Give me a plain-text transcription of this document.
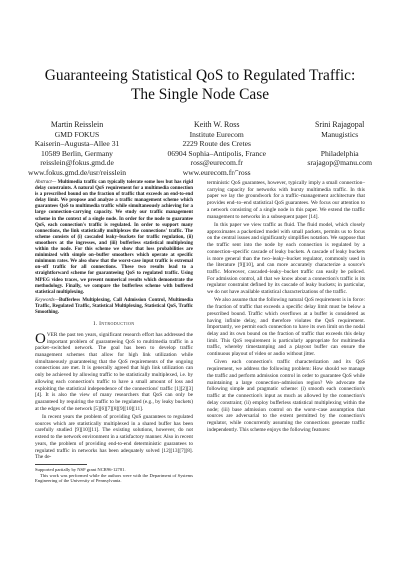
Guaranteeing Statistical QoS to Regulated Traffic:
The Single Node Case
Martin Reisslein
GMD FOKUS
Kaiserin–Augusta–Allee 31
10589 Berlin, Germany
reisslein@fokus.gmd.de
www.fokus.gmd.de/usr/reisslein
Keith W. Ross
Institute Eurecom
2229 Route des Cretes
06904 Sophia–Antipolis, France
ross@eurecom.fr
www.eurecom.fr/˜ross
Srini Rajagopal
Manugistics

Philadelphia
srajagop@manu.com
Abstract— Multimedia traffic can typically tolerate some loss but has rigid delay constraints. A natural QoS requirement for a multimedia connection is a prescribed bound on the fraction of traffic that exceeds an end-to-end delay limit. We propose and analyze a traffic management scheme which guarantees QoS to multimedia traffic while simultaneously achieving for a large connection-carrying capacity. We study our traffic management scheme in the context of a single node. In order for the node to guarantee QoS, each connection's traffic is regulated. In order to support many connections, the link statistically multiplexes the connections' traffic. The scheme consists of (i) cascaded leaky–buckets for traffic regulation, (ii) smoothers at the ingresses, and (iii) bufferless statistical multiplexing within the node. For this scheme we show that loss probabilities are minimized with simple on–buffer smoothers which operate at specific minimum rates. We also show that the worst-case input traffic is extremal on–off traffic for all connections. These two results lead to a straightforward scheme for guaranteeing QoS to regulated traffic. Using MPEG video traces, we present numerical results which demonstrate the methodology. Finally, we compare the bufferless scheme with buffered statistical multiplexing.
Keywords—Bufferless Multiplexing, Call Admission Control, Multimedia Traffic, Regulated Traffic, Statistical Multiplexing, Statistical QoS, Traffic Smoothing.
I. Introduction

OVER the past ten years, significant research effort has addressed the important problem of guaranteeing QoS to multimedia traffic in a packet–switched network. The goal has been to develop traffic management schemes that allow for high link utilization while simultaneously guaranteeing that the QoS requirements of the ongoing connections are met. It is generally agreed that high link utilization can only be achieved by allowing traffic to be statistically multiplexed, i.e. by allowing each connection's traffic to have a small amount of loss and exploiting the statistical independence of the connections' traffic [1][2][3][4]. It is also the view of many researchers that QoS can only be guaranteed by requiring the traffic to be regulated (e.g., by leaky buckets) at the edges of the network [5][6][7][8][9][10][11].

In recent years the problem of providing QoS guarantees to regulated sources which are statistically multiplexed in a shared buffer has been carefully studied [9][10][11]. The existing solutions, however, do not extend to the network environment in a satisfactory manner. Also in recent years, the problem of providing end-to-end deterministic guarantees to regulated traffic in networks has been adequately solved [12][13][7][8]. The de-

Supported partially by NSF grant NCR96-12781.

This work was performed while the authors were with the Department of Systems Engineering of the University of Pennsylvania.

terministic QoS guarantees, however, typically imply a small connection–carrying capacity for networks with bursty multimedia traffic. In this paper we lay the groundwork for a traffic–management architecture that provides end–to–end statistical QoS guarantees. We focus our attention to a network consisting of a single node in this paper. We extend the traffic management to networks in a subsequent paper [14].

In this paper we view traffic as fluid. The fluid model, which closely approximates a packetized model with small packets, permits us to focus on the central issues and significantly simplifies notation. We suppose that the traffic sent into the node by each connection is regulated by a connection–specific cascade of leaky buckets. A cascade of leaky buckets is more general than the two–leaky–bucket regulator, commonly used in the literature [9][10], and can more accurately characterize a source's traffic. Moreover, cascaded–leaky–bucket traffic can easily be policed. For admission control, all that we know about a connection's traffic is its regulator constraint defined by its cascade of leaky buckets; in particular, we do not have available statistical characterizations of the traffic.

We also assume that the following natural QoS requirement is in force: the fraction of traffic that exceeds a specific delay limit must be below a prescribed bound. Traffic which overflows at a buffer is considered as having infinite delay, and therefore violates the QoS requirement. Importantly, we permit each connection to have its own limit on the nodal delay and its own bound on the fraction of traffic that exceeds this delay limit. This QoS requirement is particularly appropriate for multimedia traffic, whereby timestamping and a playout buffer can ensure the continuous playout of video or audio without jitter.

Given each connection's traffic characterization and its QoS requirement, we address the following problem: How should we manage the traffic and perform admission control in order to guarantee QoS while maintaining a large connection–admission region? We advocate the following simple and pragmatic scheme: (i) smooth each connection's traffic at the connection's input as much as allowed by the connection's delay constraint; (ii) employ bufferless statistical multiplexing within the node; (iii) base admission control on the worst–case assumption that sources are adversarial to the extent permitted by the connection's regulator, while concurrently assuming the connections generate traffic independently. This scheme enjoys the following features:
